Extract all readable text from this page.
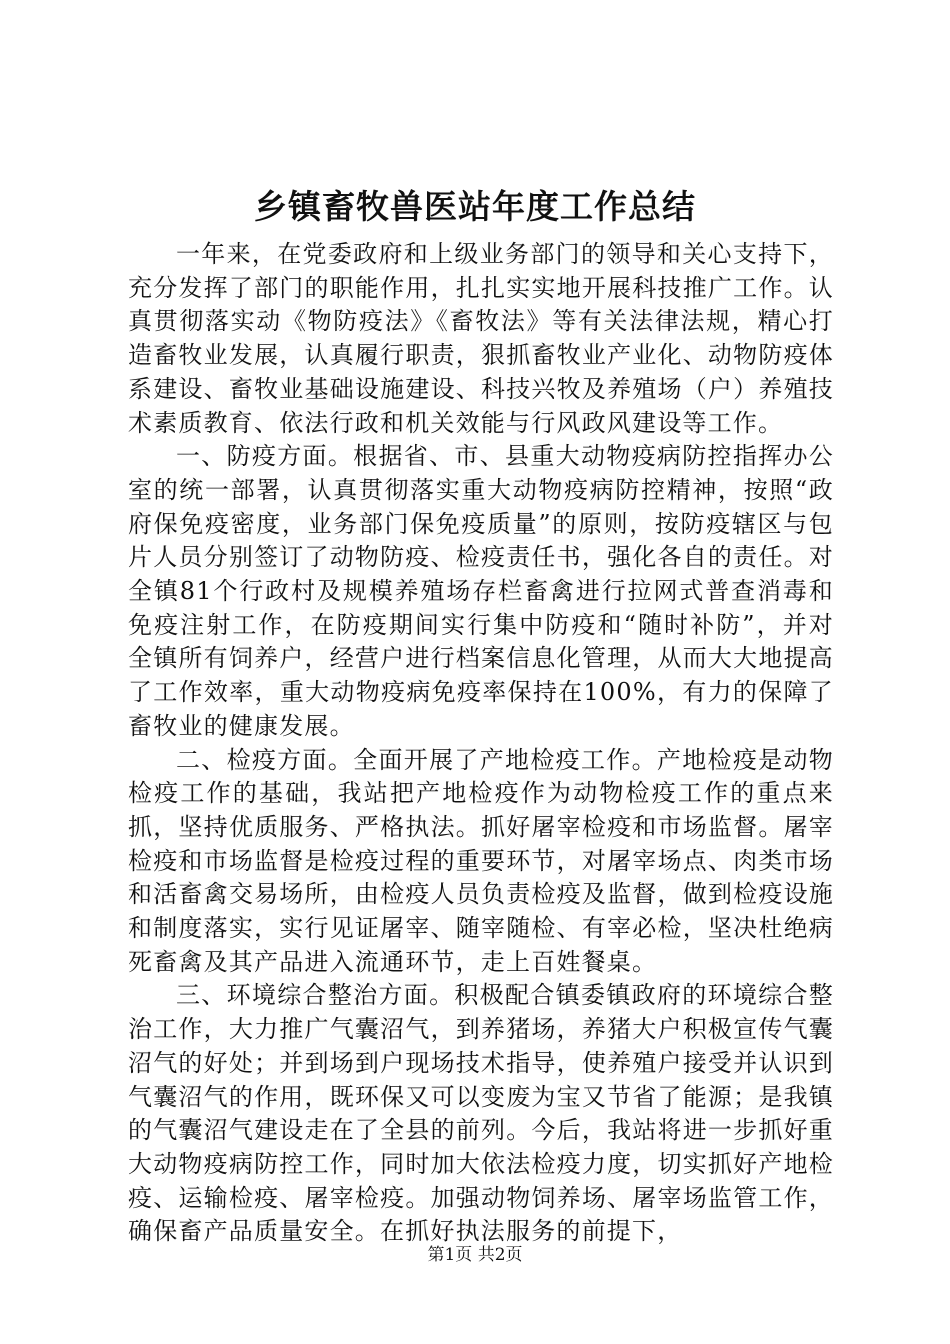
乡镇畜牧兽医站年度工作总结

一年来，在党委政府和上级业务部门的领导和关心支持下，充分发挥了部门的职能作用，扎扎实实地开展科技推广工作。认真贯彻落实动《物防疫法》《畜牧法》等有关法律法规，精心打造畜牧业发展，认真履行职责，狠抓畜牧业产业化、动物防疫体系建设、畜牧业基础设施建设、科技兴牧及养殖场（户）养殖技术素质教育、依法行政和机关效能与行风政风建设等工作。

一、防疫方面。根据省、市、县重大动物疫病防控指挥办公室的统一部署，认真贯彻落实重大动物疫病防控精神，按照“政府保免疫密度，业务部门保免疫质量”的原则，按防疫辖区与包片人员分别签订了动物防疫、检疫责任书，强化各自的责任。对全镇81个行政村及规模养殖场存栏畜禽进行拉网式普查消毒和免疫注射工作，在防疫期间实行集中防疫和“随时补防”，并对全镇所有饲养户，经营户进行档案信息化管理，从而大大地提高了工作效率，重大动物疫病免疫率保持在100%，有力的保障了畜牧业的健康发展。

二、检疫方面。全面开展了产地检疫工作。产地检疫是动物检疫工作的基础，我站把产地检疫作为动物检疫工作的重点来抓，坚持优质服务、严格执法。抓好屠宰检疫和市场监督。屠宰检疫和市场监督是检疫过程的重要环节，对屠宰场点、肉类市场和活畜禽交易场所，由检疫人员负责检疫及监督，做到检疫设施和制度落实，实行见证屠宰、随宰随检、有宰必检，坚决杜绝病死畜禽及其产品进入流通环节，走上百姓餐桌。

三、环境综合整治方面。积极配合镇委镇政府的环境综合整治工作，大力推广气囊沼气，到养猪场，养猪大户积极宣传气囊沼气的好处；并到场到户现场技术指导，使养殖户接受并认识到气囊沼气的作用，既环保又可以变废为宝又节省了能源；是我镇的气囊沼气建设走在了全县的前列。今后，我站将进一步抓好重大动物疫病防控工作，同时加大依法检疫力度，切实抓好产地检疫、运输检疫、屠宰检疫。加强动物饲养场、屠宰场监管工作，确保畜产品质量安全。在抓好执法服务的前提下，

第1页 共2页
